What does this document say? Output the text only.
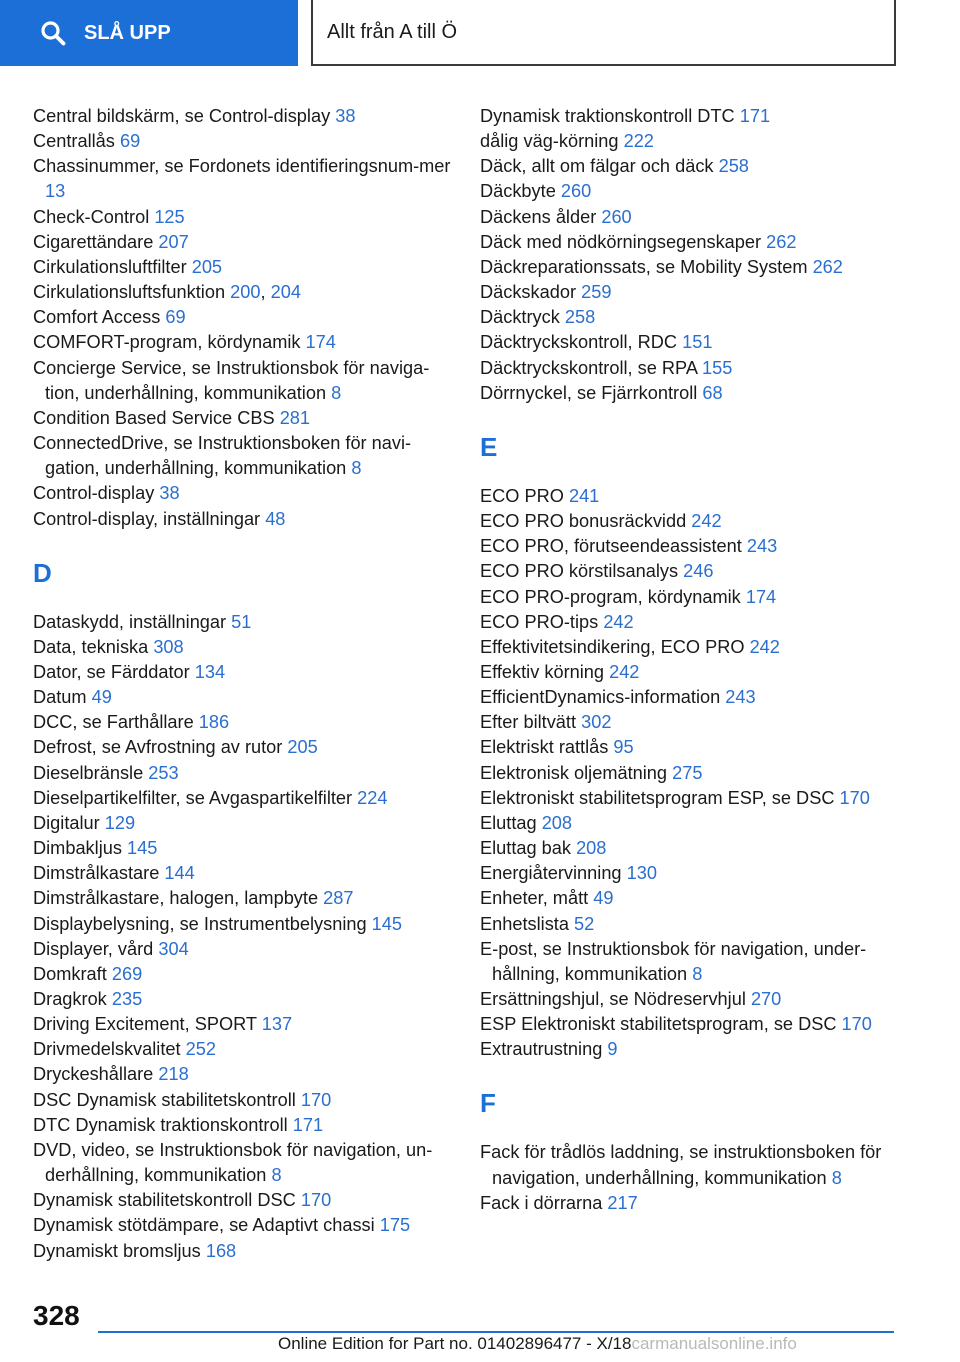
SLÅ UPP	Allt från A till Ö
Central bildskärm, se Control-display 38
Centrallås 69
Chassinummer, se Fordonets identifieringsnum-mer 13
Check-Control 125
Cigarettändare 207
Cirkulationsluftfilter 205
Cirkulationsluftsfunktion 200, 204
Comfort Access 69
COMFORT-program, kördynamik 174
Concierge Service, se Instruktionsbok för naviga-tion, underhållning, kommunikation 8
Condition Based Service CBS 281
ConnectedDrive, se Instruktionsboken för navi-gation, underhållning, kommunikation 8
Control-display 38
Control-display, inställningar 48
D
Dataskydd, inställningar 51
Data, tekniska 308
Dator, se Färddator 134
Datum 49
DCC, se Farthållare 186
Defrost, se Avfrostning av rutor 205
Dieselbränsle 253
Dieselpartikelfilter, se Avgaspartikelfilter 224
Digitalur 129
Dimbakljus 145
Dimstrålkastare 144
Dimstrålkastare, halogen, lampbyte 287
Displaybelysning, se Instrumentbelysning 145
Displayer, vård 304
Domkraft 269
Dragkrok 235
Driving Excitement, SPORT 137
Drivmedelskvalitet 252
Dryckeshållare 218
DSC Dynamisk stabilitetskontroll 170
DTC Dynamisk traktionskontroll 171
DVD, video, se Instruktionsbok för navigation, un-derhållning, kommunikation 8
Dynamisk stabilitetskontroll DSC 170
Dynamisk stötdämpare, se Adaptivt chassi 175
Dynamiskt bromsljus 168
Dynamisk traktionskontroll DTC 171
dålig väg-körning 222
Däck, allt om fälgar och däck 258
Däckbyte 260
Däckens ålder 260
Däck med nödkörningsegenskaper 262
Däckreparationssats, se Mobility System 262
Däckskador 259
Däcktryck 258
Däcktryckskontroll, RDC 151
Däcktryckskontroll, se RPA 155
Dörrnyckel, se Fjärrkontroll 68
E
ECO PRO 241
ECO PRO bonusräckvidd 242
ECO PRO, förutseendeassistent 243
ECO PRO körstilsanalys 246
ECO PRO-program, kördynamik 174
ECO PRO-tips 242
Effektivitetsindikering, ECO PRO 242
Effektiv körning 242
EfficientDynamics-information 243
Efter biltvätt 302
Elektriskt rattlås 95
Elektronisk oljemätning 275
Elektroniskt stabilitetsprogram ESP, se DSC 170
Eluttag 208
Eluttag bak 208
Energiåtervinning 130
Enheter, mått 49
Enhetslista 52
E-post, se Instruktionsbok för navigation, under-hållning, kommunikation 8
Ersättningshjul, se Nödreservhjul 270
ESP Elektroniskt stabilitetsprogram, se DSC 170
Extrautrustning 9
F
Fack för trådlös laddning, se instruktionsboken för navigation, underhållning, kommunikation 8
Fack i dörrarna 217
328
Online Edition for Part no. 01402896477 - X/18carmanualsonline.info
